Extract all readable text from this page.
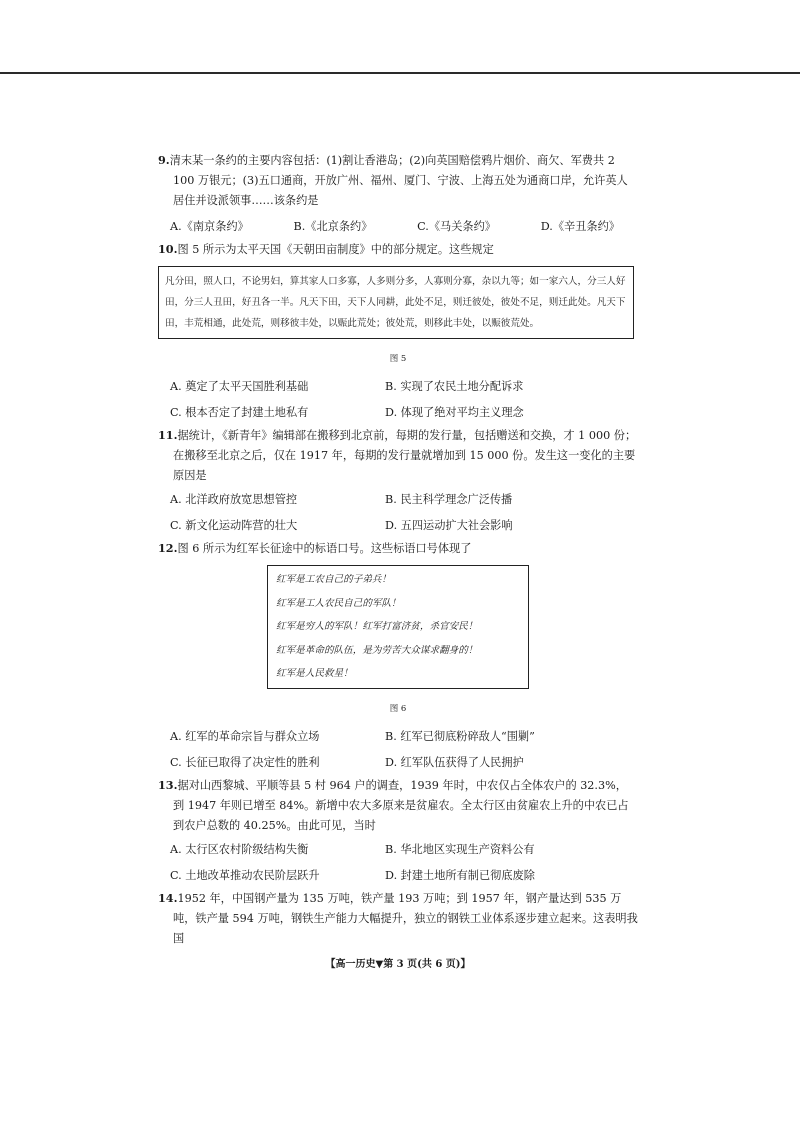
9.清末某一条约的主要内容包括：(1)割让香港岛；(2)向英国赔偿鸦片烟价、商欠、军费共 2 100 万银元；(3)五口通商，开放广州、福州、厦门、宁波、上海五处为通商口岸，允许英人居住并设派领事……该条约是
A.《南京条约》	B.《北京条约》	C.《马关条约》	D.《辛丑条约》
10.图 5 所示为太平天国《天朝田亩制度》中的部分规定。这些规定
凡分田，照人口，不论男妇，算其家人口多寡，人多则分多，人寡则分寡，杂以九等；如一家六人，分三人好田，分三人丑田，好丑各一半。凡天下田，天下人同耕，此处不足，则迁彼处，彼处不足，则迁此处。凡天下田，丰荒相通，此处荒，则移彼丰处，以赈此荒处；彼处荒，则移此丰处，以赈彼荒处。
图 5
A. 奠定了太平天国胜利基础	B. 实现了农民土地分配诉求
C. 根本否定了封建土地私有	D. 体现了绝对平均主义理念
11.据统计，《新青年》编辑部在搬移到北京前，每期的发行量，包括赠送和交换，才 1 000 份；在搬移至北京之后，仅在 1917 年，每期的发行量就增加到 15 000 份。发生这一变化的主要原因是
A. 北洋政府放宽思想管控	B. 民主科学理念广泛传播
C. 新文化运动阵营的壮大	D. 五四运动扩大社会影响
12.图 6 所示为红军长征途中的标语口号。这些标语口号体现了
红军是工农自己的子弟兵！
红军是工人农民自己的军队！
红军是穷人的军队！红军打富济贫，杀官安民！
红军是革命的队伍，是为劳苦大众谋求翻身的！
红军是人民救星！
图 6
A. 红军的革命宗旨与群众立场	B. 红军已彻底粉碎敌人“围剿”
C. 长征已取得了决定性的胜利	D. 红军队伍获得了人民拥护
13.据对山西黎城、平顺等县 5 村 964 户的调查，1939 年时，中农仅占全体农户的 32.3%，到 1947 年则已增至 84%。新增中农大多原来是贫雇农。全太行区由贫雇农上升的中农已占到农户总数的 40.25%。由此可见，当时
A. 太行区农村阶级结构失衡	B. 华北地区实现生产资料公有
C. 土地改革推动农民阶层跃升	D. 封建土地所有制已彻底废除
14.1952 年，中国钢产量为 135 万吨，铁产量 193 万吨；到 1957 年，钢产量达到 535 万吨，铁产量 594 万吨，钢铁生产能力大幅提升，独立的钢铁工业体系逐步建立起来。这表明我国
【高一历史▼第 3 页(共 6 页)】
